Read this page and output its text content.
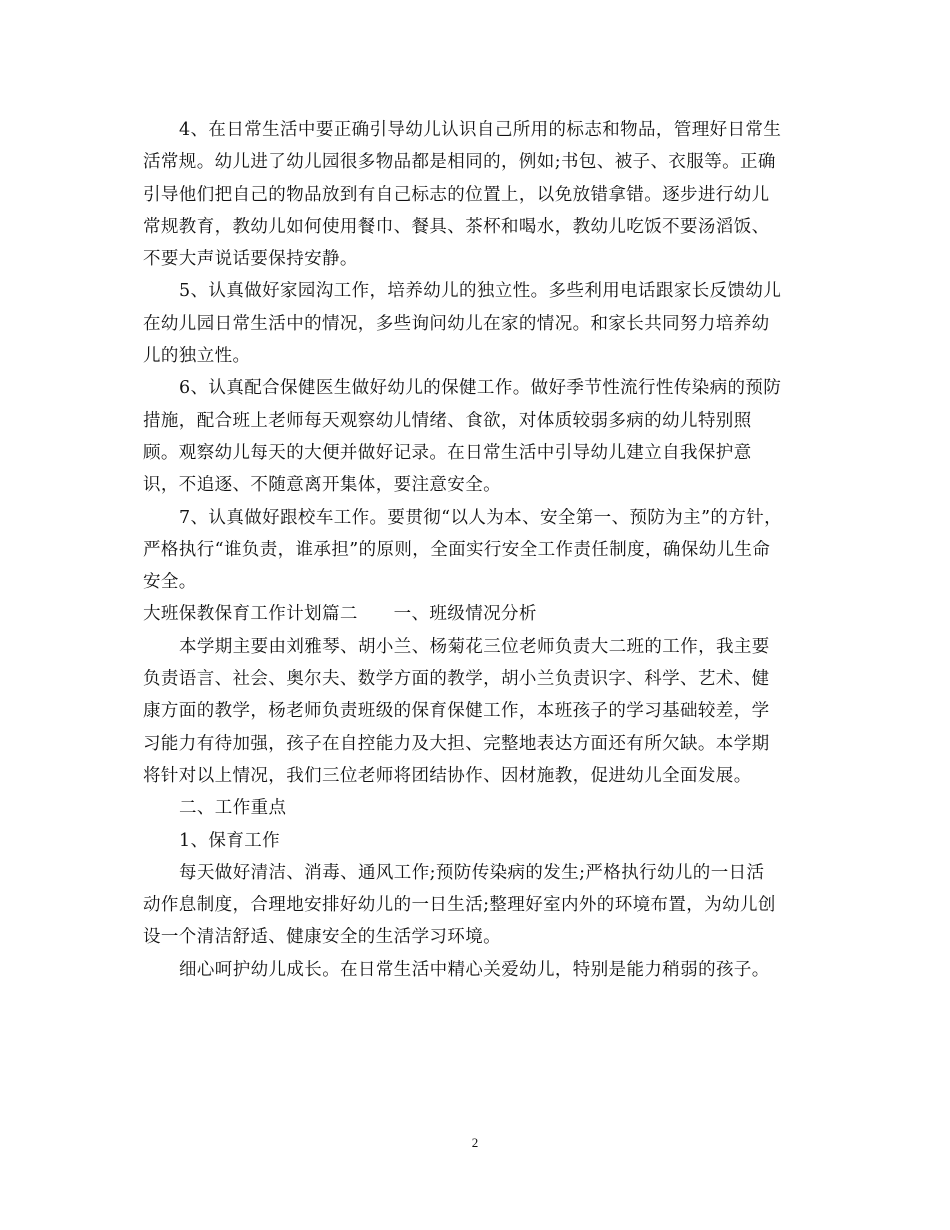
4、在日常生活中要正确引导幼儿认识自己所用的标志和物品，管理好日常生
活常规。幼儿进了幼儿园很多物品都是相同的，例如;书包、被子、衣服等。正确
引导他们把自己的物品放到有自己标志的位置上，以免放错拿错。逐步进行幼儿
常规教育，教幼儿如何使用餐巾、餐具、茶杯和喝水，教幼儿吃饭不要汤滔饭、
不要大声说话要保持安静。
5、认真做好家园沟工作，培养幼儿的独立性。多些利用电话跟家长反馈幼儿
在幼儿园日常生活中的情况，多些询问幼儿在家的情况。和家长共同努力培养幼
儿的独立性。
6、认真配合保健医生做好幼儿的保健工作。做好季节性流行性传染病的预防
措施，配合班上老师每天观察幼儿情绪、食欲，对体质较弱多病的幼儿特别照
顾。观察幼儿每天的大便并做好记录。在日常生活中引导幼儿建立自我保护意
识，不追逐、不随意离开集体，要注意安全。
7、认真做好跟校车工作。要贯彻“以人为本、安全第一、预防为主”的方针，
严格执行“谁负责，谁承担”的原则，全面实行安全工作责任制度，确保幼儿生命
安全。
大班保教保育工作计划篇二　　一、班级情况分析
本学期主要由刘雅琴、胡小兰、杨菊花三位老师负责大二班的工作，我主要
负责语言、社会、奥尔夫、数学方面的教学，胡小兰负责识字、科学、艺术、健
康方面的教学，杨老师负责班级的保育保健工作，本班孩子的学习基础较差，学
习能力有待加强，孩子在自控能力及大担、完整地表达方面还有所欠缺。本学期
将针对以上情况，我们三位老师将团结协作、因材施教，促进幼儿全面发展。
二、工作重点
1、保育工作
每天做好清洁、消毒、通风工作;预防传染病的发生;严格执行幼儿的一日活
动作息制度，合理地安排好幼儿的一日生活;整理好室内外的环境布置，为幼儿创
设一个清洁舒适、健康安全的生活学习环境。
细心呵护幼儿成长。在日常生活中精心关爱幼儿，特别是能力稍弱的孩子。
2
